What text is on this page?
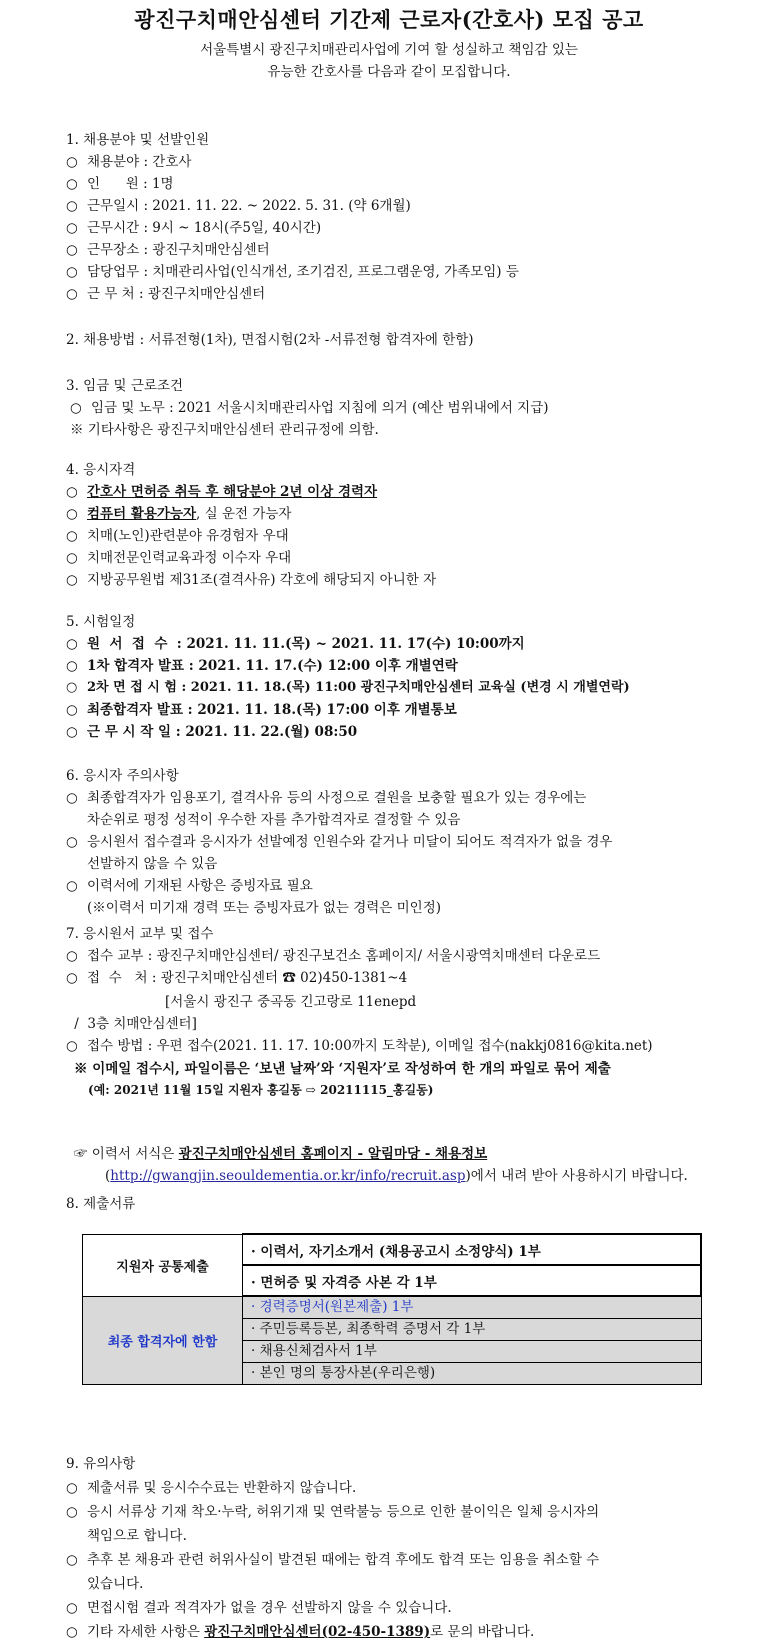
광진구치매안심센터 기간제 근로자(간호사) 모집 공고
서울특별시 광진구치매관리사업에 기여 할 성실하고 책임감 있는
유능한 간호사를 다음과 같이 모집합니다.
1. 채용분야 및 선발인원
○ 채용분야 : 간호사
○ 인      원 : 1명
○ 근무일시 : 2021. 11. 22. ~ 2022. 5. 31. (약 6개월)
○ 근무시간 : 9시 ~ 18시(주5일, 40시간)
○ 근무장소 : 광진구치매안심센터
○ 담당업무 : 치매관리사업(인식개선, 조기검진, 프로그램운영, 가족모임) 등
○ 근 무 처 : 광진구치매안심센터
2. 채용방법 : 서류전형(1차), 면접시험(2차 -서류전형 합격자에 한함)
3. 임금 및 근로조건
○ 임금 및 노무 : 2021 서울시치매관리사업 지침에 의거 (예산 범위내에서 지급)
※ 기타사항은 광진구치매안심센터 관리규정에 의함.
4. 응시자격
○ 간호사 면허증 취득 후 해당분야 2년 이상 경력자
○ 컴퓨터 활용가능자, 실 운전 가능자
○ 치매(노인)관련분야 유경험자 우대
○ 치매전문인력교육과정 이수자 우대
○ 지방공무원법 제31조(결격사유) 각호에 해당되지 아니한 자
5. 시험일정
○ 원  서  접  수  : 2021. 11. 11.(목) ~ 2021. 11. 17(수) 10:00까지
○ 1차 합격자 발표 : 2021. 11. 17.(수) 12:00 이후 개별연락
○ 2차 면 접 시 험 : 2021. 11. 18.(목) 11:00 광진구치매안심센터 교육실 (변경 시 개별연락)
○ 최종합격자 발표 : 2021. 11. 18.(목) 17:00 이후 개별통보
○ 근 무 시 작 일 : 2021. 11. 22.(월) 08:50
6. 응시자 주의사항
○ 최종합격자가 임용포기, 결격사유 등의 사정으로 결원을 보충할 필요가 있는 경우에는
차순위로 평정 성적이 우수한 자를 추가합격자로 결정할 수 있음
○ 응시원서 접수결과 응시자가 선발예정 인원수와 같거나 미달이 되어도 적격자가 없을 경우
선발하지 않을 수 있음
○ 이력서에 기재된 사항은 증빙자료 필요
(※이력서 미기재 경력 또는 증빙자료가 없는 경력은 미인정)
7. 응시원서 교부 및 접수
○ 접수 교부 : 광진구치매안심센터/ 광진구보건소 홈페이지/ 서울시광역치매센터 다운로드
○ 접  수   처 : 광진구치매안심센터 ☎ 02)450-1381~4
[서울시 광진구 중곡동 긴고랑로 11enepd
/  3층 치매안심센터]
○ 접수 방법 : 우편 접수(2021. 11. 17. 10:00까지 도착분), 이메일 접수(nakkj0816@kita.net)
※ 이메일 접수시, 파일이름은 ‘보낸 날짜’와 ‘지원자’로 작성하여 한 개의 파일로 묶어 제출
(예: 2021년 11월 15일 지원자 홍길동 ⇨ 20211115_홍길동)
☞ 이력서 서식은 광진구치매안심센터 홈페이지 - 알림마당 - 채용정보
(http://gwangjin.seouldementia.or.kr/info/recruit.asp)에서 내려 받아 사용하시기 바랍니다.
8. 제출서류
지원자 공통제출	· 이력서, 자기소개서 (채용공고시 소정양식) 1부
	· 면허증 및 자격증 사본 각 1부
최종 합격자에 한함	· 경력증명서(원본제출) 1부
· 주민등록등본, 최종학력 증명서 각 1부
· 채용신체검사서 1부
· 본인 명의 통장사본(우리은행)
9. 유의사항
○ 제출서류 및 응시수수료는 반환하지 않습니다.
○ 응시 서류상 기재 착오·누락, 허위기재 및 연락불능 등으로 인한 불이익은 일체 응시자의
책임으로 합니다.
○ 추후 본 채용과 관련 허위사실이 발견된 때에는 합격 후에도 합격 또는 임용을 취소할 수
있습니다.
○ 면접시험 결과 적격자가 없을 경우 선발하지 않을 수 있습니다.
○ 기타 자세한 사항은 광진구치매안심센터(02-450-1389)로 문의 바랍니다.
